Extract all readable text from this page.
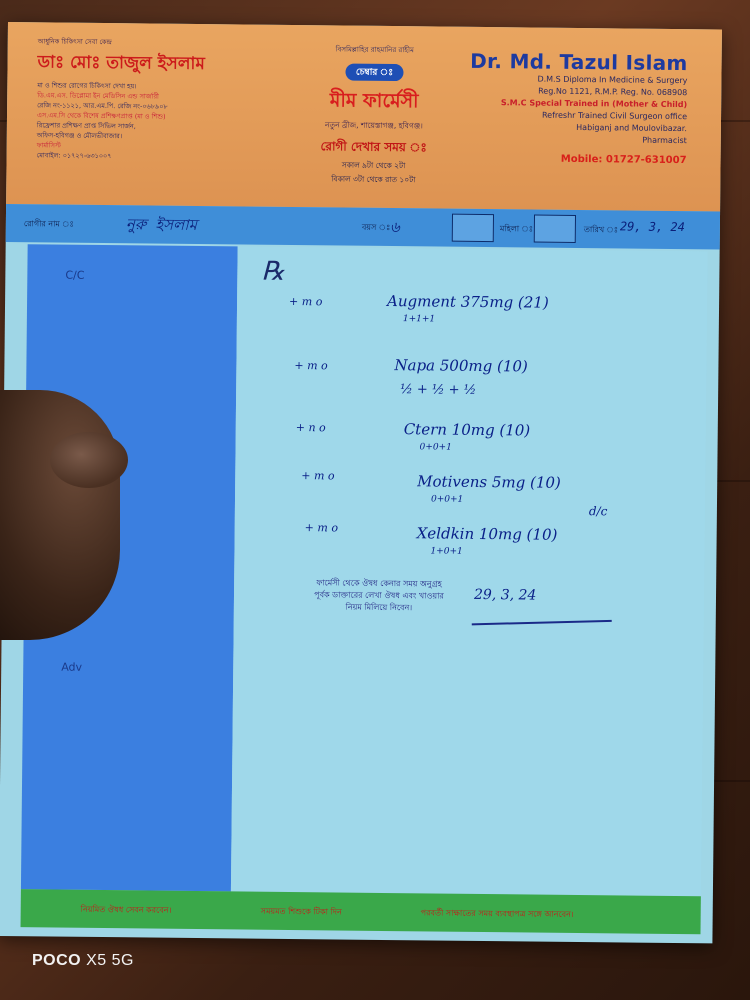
আধুনিক চিকিৎসা সেবা কেন্দ্র
ডাঃ মোঃ তাজুল ইসলাম
মা ও শিশুর রোগের চিকিৎসা দেখা হয়।
ডি.এম.এস. ডিপ্লোমা ইন মেডিসিন এন্ড সার্জারী
রেজি নং-১১২১, আর.এম.পি. রেজি নং-০৬৮৯০৮
এস.এম.সি থেকে বিশেষ প্রশিক্ষণপ্রাপ্ত (মা ও শিশু)
রিফ্রেশার প্রশিক্ষণ প্রাপ্ত সিভিল সার্জন,
অফিস-হবিগঞ্জ ও মৌলভীবাজার।
ফার্মাসিস্ট
মোবাইল: ০১৭২৭-৬৩১০০৭
বিসমিল্লাহির রাহমানির রাহীম
চেম্বার ঃ
মীম ফার্মেসী
নতুন ব্রীজ, শায়েস্তাগঞ্জ, হবিগঞ্জ।
রোগী দেখার সময় ঃ
সকাল ৯টা থেকে ২টা
বিকাল ৩টা থেকে রাত ১০টা
Dr. Md. Tazul Islam
D.M.S Diploma In Medicine & Surgery
Reg.No 1121, R.M.P. Reg. No. 068908
S.M.C Special Trained in (Mother & Child)
Refreshr Trained Civil Surgeon office
Habiganj and Moulovibazar.
Pharmacist
Mobile: 01727-631007
রোগীর নাম ঃ	নুরু ইসলাম	বয়স ঃ ৬	মহিলা ঃ	তারিখ ঃ 29, 3, 24
C/C
Adv
℞
+ m o	Augment 375mg (21)
1+1+1
+ m o	Napa 500mg (10)
½ + ½ + ½
+ n o	Ctern 10mg (10)
0+0+1
+ m o	Motivens 5mg (10)
0+0+1
d/c
+ m o	Xeldkin 10mg (10)
1+0+1
ফার্মেসী থেকে ঔষধ কেনার সময় অনুগ্রহ পূর্বক ডাক্তারের লেখা ঔষধ এবং খাওয়ার নিয়ম মিলিয়ে নিবেন।
29, 3, 24
নিয়মিত ঔষধ সেবন করবেন।	সময়মত শিশুকে টিকা দিন	পরবর্তী সাক্ষাতের সময় ব্যবস্থাপত্র সঙ্গে আনবেন।
POCO X5 5G
